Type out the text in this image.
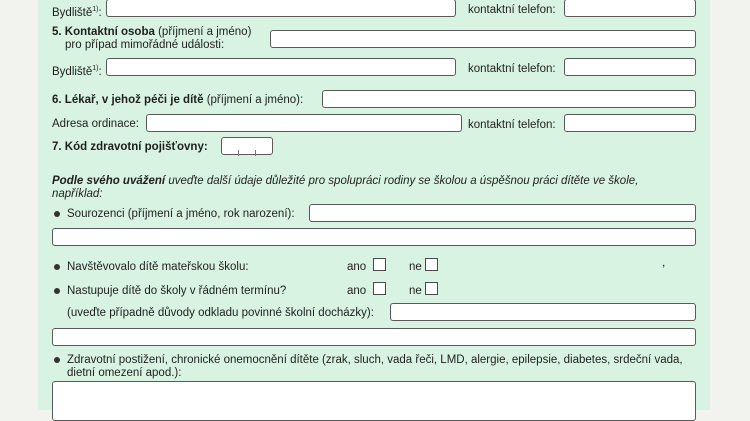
Bydliště$^{1)}$:	kontaktní telefon:
5. Kontaktní osoba (příjmení a jméno)
pro případ mimořádné události:
Bydliště$^{1)}$:	kontaktní telefon:
6. Lékař, v jehož péči je dítě (příjmení a jméno):
Adresa ordinace:	kontaktní telefon:
7. Kód zdravotní pojišťovny:
Podle svého uvážení uveďte další údaje důležité pro spolupráci rodiny se školou a úspěšnou práci dítěte ve škole,
například:
Sourozenci (příjmení a jméno, rok narození):
Navštěvovalo dítě mateřskou školu:	ano	ne	,
Nastupuje dítě do školy v řádném termínu?	ano	ne
(uveďte případně důvody odkladu povinné školní docházky):
Zdravotní postižení, chronické onemocnění dítěte (zrak, sluch, vada řeči, LMD, alergie, epilepsie, diabetes, srdeční vada,
dietní omezení apod.):
